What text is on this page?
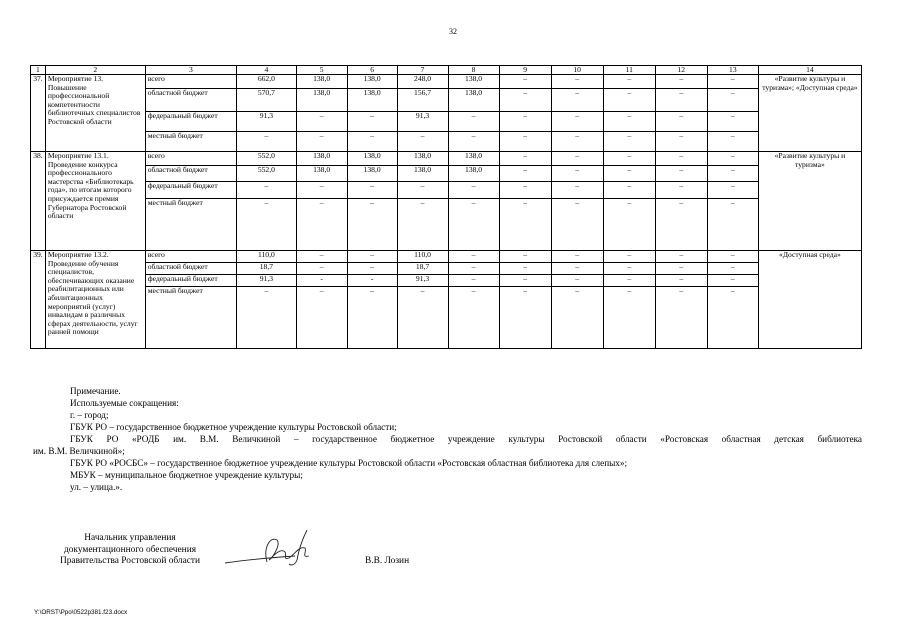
32
1	2	3	4	5	6	7	8	9	10	11	12	13	14
37.	Мероприятие 13. Повышение профессиональной компетентности библиотечных специалистов Ростовской области	всего	662,0	138,0	138,0	248,0	138,0	–	–	–	–	–	«Развитие культуры и туризма»; «Доступная среда»
		областной бюджет	570,7	138,0	138,0	156,7	138,0	–	–	–	–	–	
		федеральный бюджет	91,3	–	–	91,3	–	–	–	–	–	–	
		местный бюджет	–	–	–	–	–	–	–	–	–	–	
38.	Мероприятие 13.1. Проведение конкурса профессионального мастерства «Библиотекарь года», по итогам которого присуждается премия Губернатора Ростовской области	всего	552,0	138,0	138,0	138,0	138,0	–	–	–	–	–	«Развитие культуры и туризма»
		областной бюджет	552,0	138,0	138,0	138,0	138,0	–	–	–	–	–	
		федеральный бюджет	–	–	–	–	–	–	–	–	–	–	
		местный бюджет	–	–	–	–	–	–	–	–	–	–	
39.	Мероприятие 13.2. Проведение обучения специалистов, обеспечивающих оказание реабилитационных или абилитационных мероприятий (услуг) инвалидам в различных сферах деятельности, услуг ранней помощи	всего	110,0	–	–	110,0	–	–	–	–	–	–	«Доступная среда»
		областной бюджет	18,7	–	–	18,7	–	–	–	–	–	–	
		федеральный бюджет	91,3	-	-	91,3	–	–	–	–	–	–	
		местный бюджет	–	–	–	–	–	–	–	–	–	–	

Примечание.

Используемые сокращения:

г. – город;

ГБУК РО – государственное бюджетное учреждение культуры Ростовской области;

ГБУК РО «РОДБ им. В.М. Величкиной – государственное бюджетное учреждение культуры Ростовской области «Ростовская областная детская библиотека

им. В.М. Величкиной»;

ГБУК РО «РОСБС» – государственное бюджетное учреждение культуры Ростовской области «Ростовская областная библиотека для слепых»;

МБУК – муниципальное бюджетное учреждение культуры;

ул. – улица.».

Начальник управления
документационного обеспечения
Правительства Ростовской области	В.В. Лозин
Y:\ORST\Ppo\0522p381.f23.docx
